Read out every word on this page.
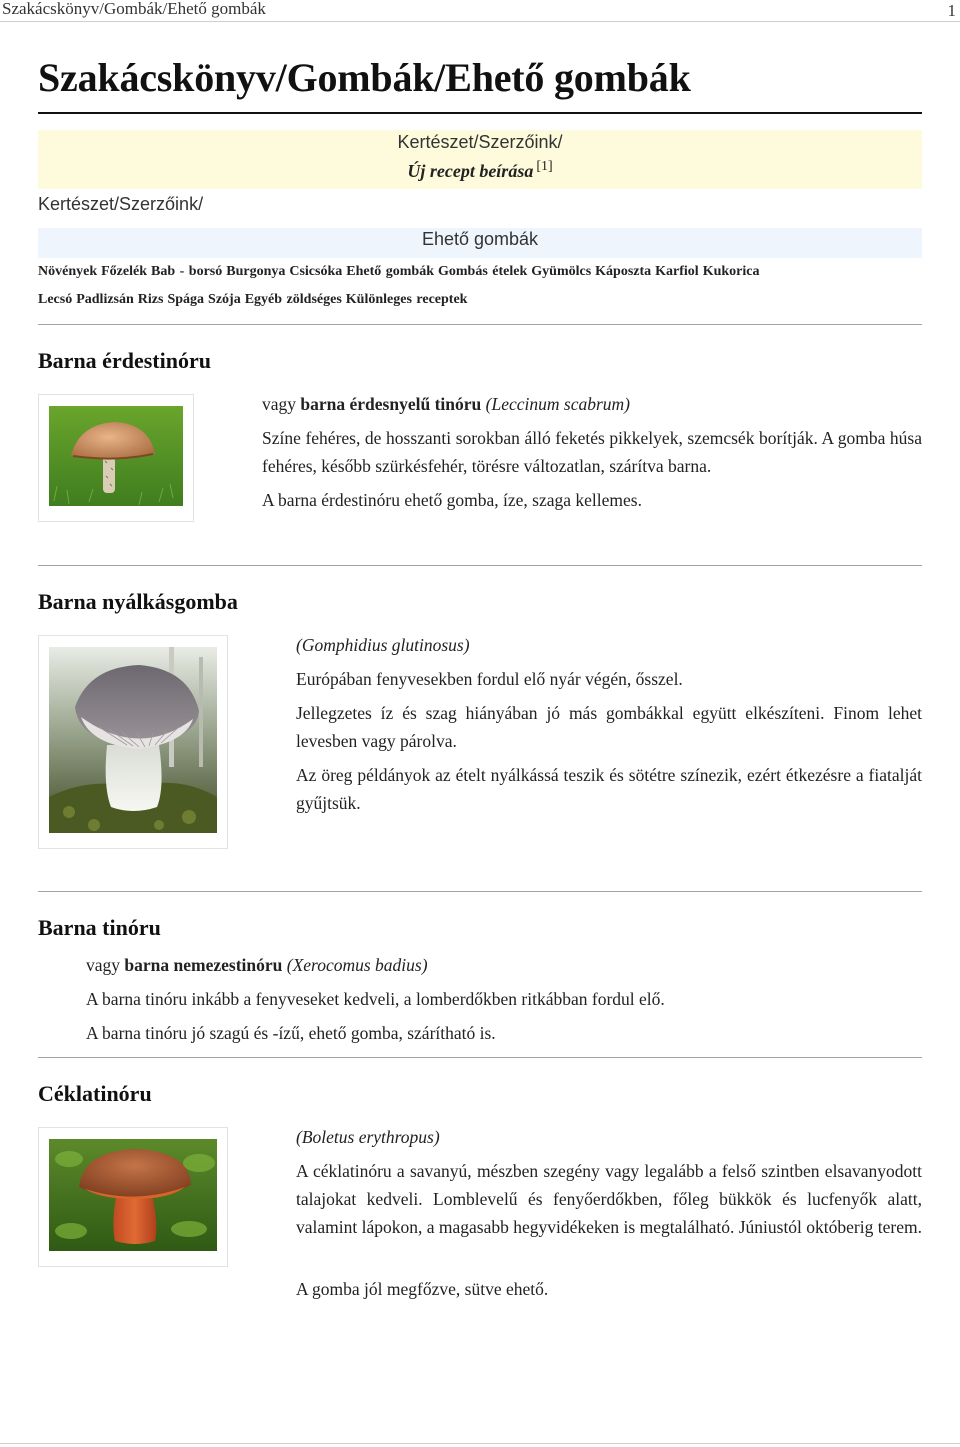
Szakácskönyv/Gombák/Ehető gombák	1
Szakácskönyv/Gombák/Ehető gombák
Kertészet/Szerzőink/
Új recept beírása [1]
Kertészet/Szerzőink/
Ehető gombák
Növények Főzelék Bab - borsó Burgonya Csicsóka Ehető gombák Gombás ételek Gyümölcs Káposzta Karfiol Kukorica
Lecsó Padlizsán Rizs Spága Szója Egyéb zöldséges Különleges receptek
Barna érdestinóru
vagy barna érdesnyelű tinóru (Leccinum scabrum)
Színe fehéres, de hosszanti sorokban álló feketés pikkelyek, szemcsék borítják. A gomba húsa fehéres, később szürkésfehér, törésre változatlan, szárítva barna.
A barna érdestinóru ehető gomba, íze, szaga kellemes.
Barna nyálkásgomba
(Gomphidius glutinosus)
Európában fenyvesekben fordul elő nyár végén, ősszel.
Jellegzetes íz és szag hiányában jó más gombákkal együtt elkészíteni. Finom lehet levesben vagy párolva.
Az öreg példányok az ételt nyálkássá teszik és sötétre színezik, ezért étkezésre a fiatalját gyűjtsük.
Barna tinóru
vagy barna nemezestinóru (Xerocomus badius)
A barna tinóru inkább a fenyveseket kedveli, a lomberdőkben ritkábban fordul elő.
A barna tinóru jó szagú és -ízű, ehető gomba, szárítható is.
Céklatinóru
(Boletus erythropus)
A céklatinóru a savanyú, mészben szegény vagy legalább a felső szintben elsavanyodott talajokat kedveli. Lomblevelű és fenyőerdőkben, főleg bükkök és lucfenyők alatt, valamint lápokon, a magasabb hegyvidékeken is megtalálható. Júniustól októberig terem.
A gomba jól megfőzve, sütve ehető.
